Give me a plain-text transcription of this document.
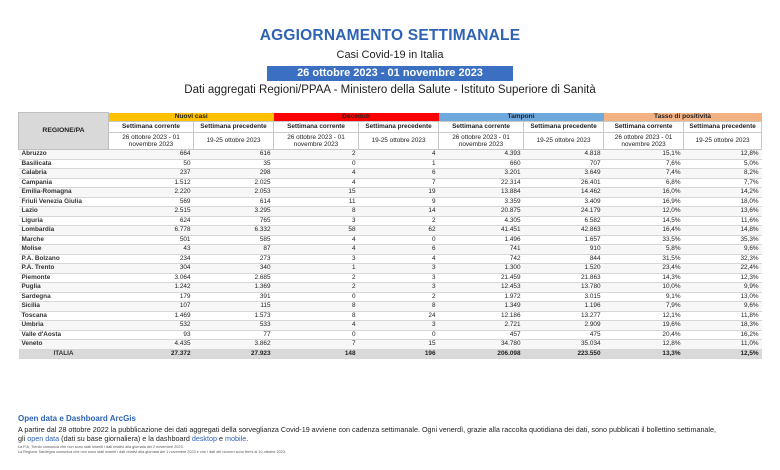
AGGIORNAMENTO SETTIMANALE
Casi Covid-19 in Italia
26 ottobre 2023 - 01 novembre 2023
Dati aggregati Regioni/PPAA - Ministero della Salute - Istituto Superiore di Sanità
REGIONE/PA	Nuovi casi		Deceduti		Tamponi		Tasso di positività	
	Settimana corrente	Settimana precedente	Settimana corrente	Settimana precedente	Settimana corrente	Settimana precedente	Settimana corrente	Settimana precedente
	26 ottobre 2023 - 01 novembre 2023	19-25 ottobre 2023	26 ottobre 2023 - 01 novembre 2023	19-25 ottobre 2023	26 ottobre 2023 - 01 novembre 2023	19-25 ottobre 2023	26 ottobre 2023 - 01 novembre 2023	19-25 ottobre 2023
Abruzzo	664	616	2	4	4.393	4.818	15,1%	12,8%
Basilicata	50	35	0	1	660	707	7,6%	5,0%
Calabria	237	298	4	6	3.201	3.649	7,4%	8,2%
Campania	1.512	2.025	4	7	22.314	26.401	6,8%	7,7%
Emilia-Romagna	2.220	2.053	15	19	13.884	14.462	16,0%	14,2%
Friuli Venezia Giulia	569	614	11	9	3.359	3.409	16,9%	18,0%
Lazio	2.515	3.295	8	14	20.875	24.179	12,0%	13,6%
Liguria	624	765	3	2	4.305	6.582	14,5%	11,6%
Lombardia	6.778	6.332	58	62	41.451	42.863	16,4%	14,8%
Marche	501	585	4	0	1.496	1.657	33,5%	35,3%
Molise	43	87	4	6	741	910	5,8%	9,6%
P.A. Bolzano	234	273	3	4	742	844	31,5%	32,3%
P.A. Trento	304	340	1	3	1.300	1.520	23,4%	22,4%
Piemonte	3.064	2.685	2	3	21.459	21.863	14,3%	12,3%
Puglia	1.242	1.369	2	3	12.453	13.780	10,0%	9,9%
Sardegna	179	391	0	2	1.972	3.015	9,1%	13,0%
Sicilia	107	115	8	8	1.349	1.196	7,9%	9,6%
Toscana	1.469	1.573	8	24	12.186	13.277	12,1%	11,8%
Umbria	532	533	4	3	2.721	2.909	19,6%	18,3%
Valle d'Aosta	93	77	0	0	457	475	20,4%	16,2%
Veneto	4.435	3.862	7	15	34.780	35.034	12,8%	11,0%
ITALIA	27.372	27.923	148	196	206.098	223.550	13,3%	12,5%
Open data e Dashboard ArcGis
A partire dal 28 ottobre 2022 la pubblicazione dei dati aggregati della sorveglianza Covid-19 avviene con cadenza settimanale. Ogni venerdì, grazie alla raccolta quotidiana dei dati, sono pubblicati il bollettino settimanale,
gli open data (dati su base giornaliera) e la dashboard desktop e mobile.
La P.A. Trento comunica che non sono stati inseriti i dati relativi alla giornata del 2 novembre 2023.
La Regione Sardegna comunica che non sono stati inseriti i dati relativi alla giornata del 1 novembre 2023 e che i dati del ricoveri sono fermi al 10 ottobre 2023.
